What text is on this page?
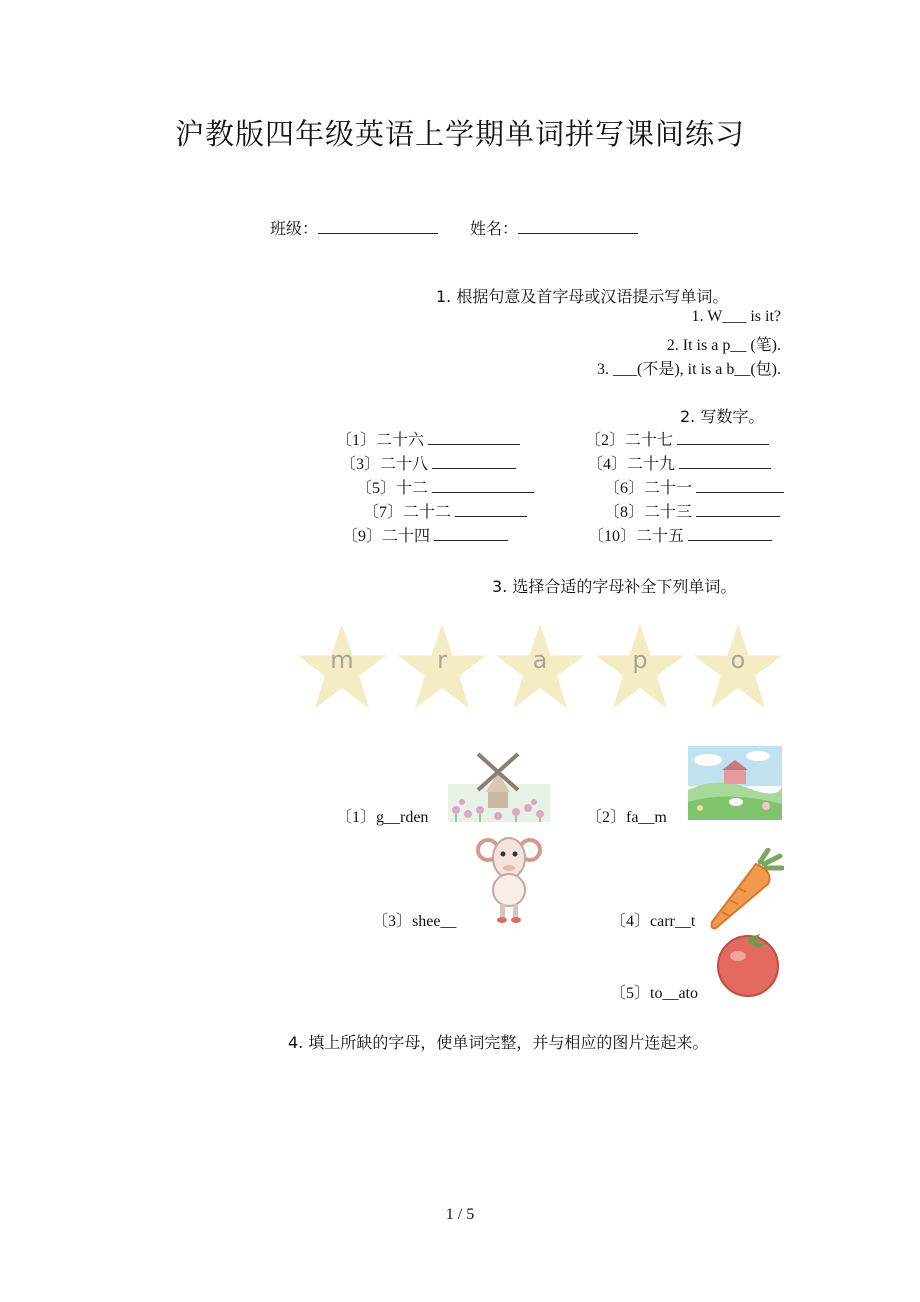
沪教版四年级英语上学期单词拼写课间练习
班级：	姓名：
1. 根据句意及首字母或汉语提示写单词。
1. W___ is it?
2. It is a p__ (笔).
3. ___(不是), it is a b__(包).
2. 写数字。
〔1〕二十六	〔2〕二十七
〔3〕二十八	〔4〕二十九
〔5〕十二	〔6〕二十一
〔7〕二十二	〔8〕二十三
〔9〕二十四	〔10〕二十五
3. 选择合适的字母补全下列单词。
m	r	a	p	o
〔1〕g__rden	〔2〕fa__m
〔3〕shee__	〔4〕carr__t
〔5〕to__ato
4. 填上所缺的字母，使单词完整，并与相应的图片连起来。
1 / 5
